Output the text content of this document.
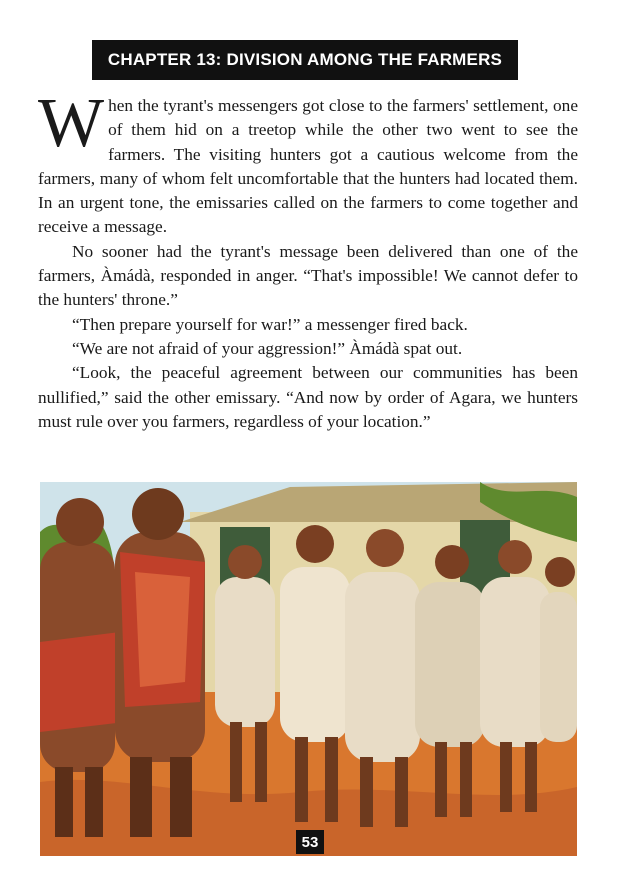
CHAPTER 13: DIVISION AMONG THE FARMERS

When the tyrant's messengers got close to the farmers' settlement, one of them hid on a treetop while the other two went to see the farmers. The visiting hunters got a cautious welcome from the farmers, many of whom felt uncomfortable that the hunters had located them. In an urgent tone, the emissaries called on the farmers to come together and receive a message.

No sooner had the tyrant's message been delivered than one of the farmers, Àmádà, responded in anger. “That's impossible! We cannot defer to the hunters' throne.”

“Then prepare yourself for war!” a messenger fired back.

“We are not afraid of your aggression!” Àmádà spat out.

“Look, the peaceful agreement between our communities has been nullified,” said the other emissary. “And now by order of Agara, we hunters must rule over you farmers, regardless of your location.”

53
